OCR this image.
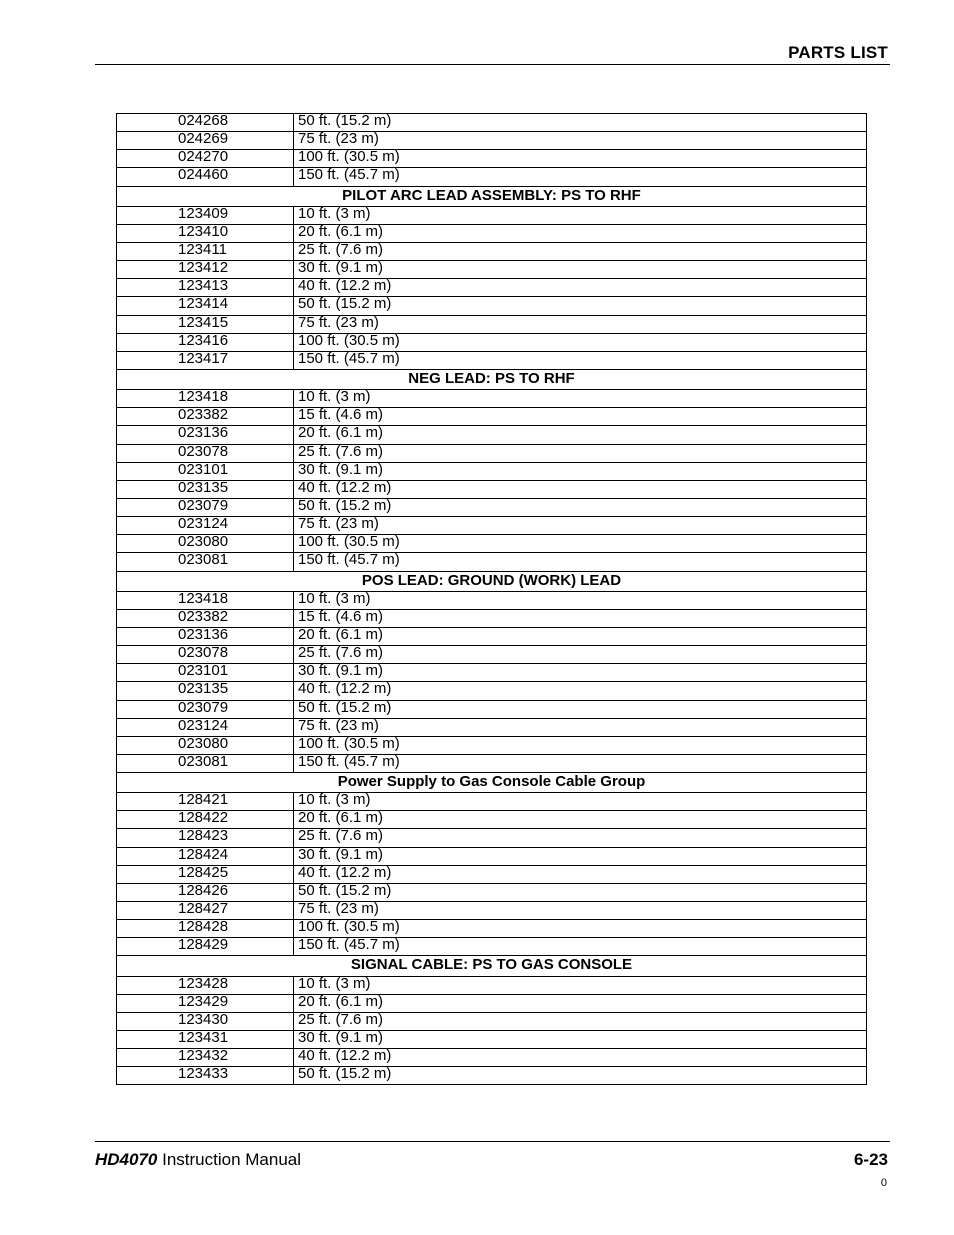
PARTS LIST
024268	50 ft. (15.2 m)
024269	75 ft. (23 m)
024270	100 ft. (30.5 m)
024460	150 ft. (45.7 m)
PILOT ARC LEAD ASSEMBLY: PS TO RHF	
123409	10 ft. (3 m)
123410	20 ft. (6.1 m)
123411	25 ft. (7.6 m)
123412	30 ft. (9.1 m)
123413	40 ft. (12.2 m)
123414	50 ft. (15.2 m)
123415	75 ft. (23 m)
123416	100 ft. (30.5 m)
123417	150 ft. (45.7 m)
NEG LEAD: PS TO RHF	
123418	10 ft. (3 m)
023382	15 ft. (4.6 m)
023136	20 ft. (6.1 m)
023078	25 ft. (7.6 m)
023101	30 ft. (9.1 m)
023135	40 ft. (12.2 m)
023079	50 ft. (15.2 m)
023124	75 ft. (23 m)
023080	100 ft. (30.5 m)
023081	150 ft. (45.7 m)
POS LEAD: GROUND (WORK) LEAD	
123418	10 ft. (3 m)
023382	15 ft. (4.6 m)
023136	20 ft. (6.1 m)
023078	25 ft. (7.6 m)
023101	30 ft. (9.1 m)
023135	40 ft. (12.2 m)
023079	50 ft. (15.2 m)
023124	75 ft. (23 m)
023080	100 ft. (30.5 m)
023081	150 ft. (45.7 m)
Power Supply to Gas Console Cable Group	
128421	10 ft. (3 m)
128422	20 ft. (6.1 m)
128423	25 ft. (7.6 m)
128424	30 ft. (9.1 m)
128425	40 ft. (12.2 m)
128426	50 ft. (15.2 m)
128427	75 ft. (23 m)
128428	100 ft. (30.5 m)
128429	150 ft. (45.7 m)
SIGNAL CABLE: PS TO GAS CONSOLE	
123428	10 ft. (3 m)
123429	20 ft. (6.1 m)
123430	25 ft. (7.6 m)
123431	30 ft. (9.1 m)
123432	40 ft. (12.2 m)
123433	50 ft. (15.2 m)
HD4070 Instruction Manual	6-23
0
